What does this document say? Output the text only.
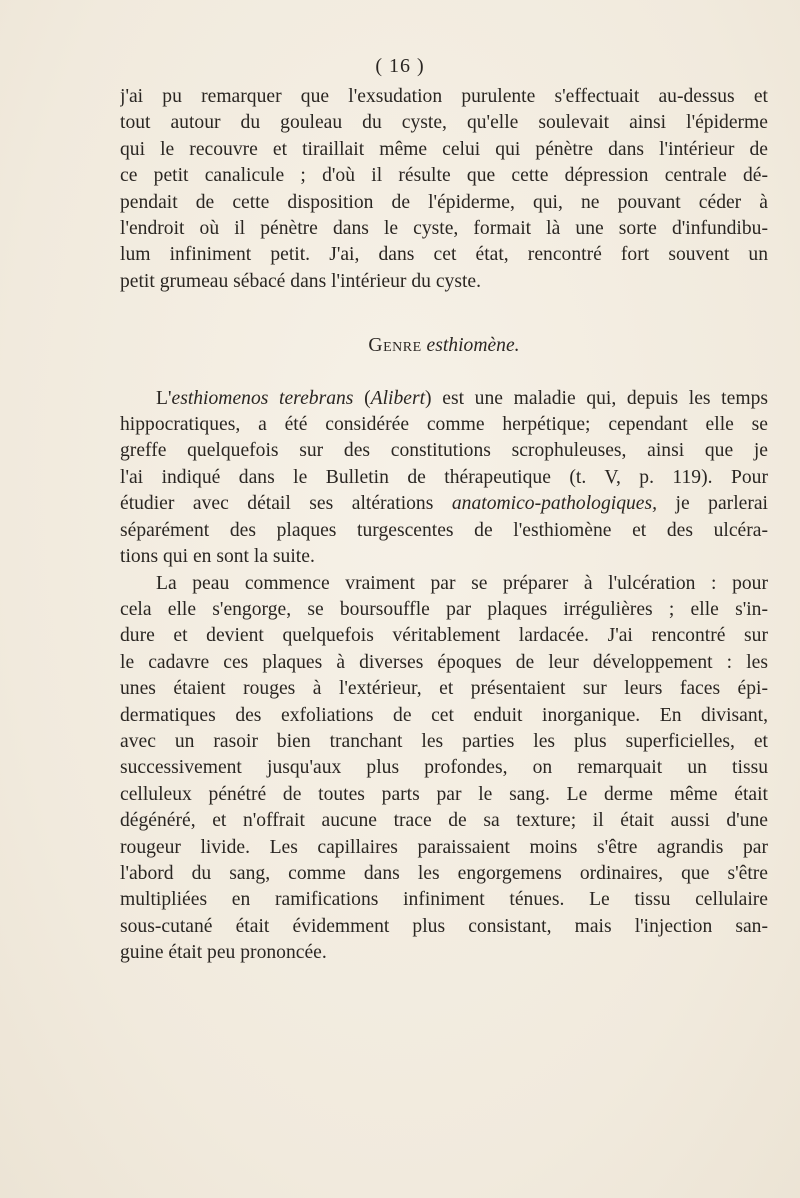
( 16 )
j'ai pu remarquer que l'exsudation purulente s'effectuait au-dessus et
tout autour du gouleau du cyste, qu'elle soulevait ainsi l'épiderme
qui le recouvre et tiraillait même celui qui pénètre dans l'intérieur de
ce petit canalicule ; d'où il résulte que cette dépression centrale dé-
pendait de cette disposition de l'épiderme, qui, ne pouvant céder à
l'endroit où il pénètre dans le cyste, formait là une sorte d'infundibu-
lum infiniment petit. J'ai, dans cet état, rencontré fort souvent un
petit grumeau sébacé dans l'intérieur du cyste.
Genre esthiomène.
L'esthiomenos terebrans (Alibert) est une maladie qui, depuis les temps
hippocratiques, a été considérée comme herpétique; cependant elle se
greffe quelquefois sur des constitutions scrophuleuses, ainsi que je
l'ai indiqué dans le Bulletin de thérapeutique (t. V, p. 119). Pour
étudier avec détail ses altérations anatomico-pathologiques, je parlerai
séparément des plaques turgescentes de l'esthiomène et des ulcéra-
tions qui en sont la suite.
La peau commence vraiment par se préparer à l'ulcération : pour
cela elle s'engorge, se boursouffle par plaques irrégulières ; elle s'in-
dure et devient quelquefois véritablement lardacée. J'ai rencontré sur
le cadavre ces plaques à diverses époques de leur développement : les
unes étaient rouges à l'extérieur, et présentaient sur leurs faces épi-
dermatiques des exfoliations de cet enduit inorganique. En divisant,
avec un rasoir bien tranchant les parties les plus superficielles, et
successivement jusqu'aux plus profondes, on remarquait un tissu
celluleux pénétré de toutes parts par le sang. Le derme même était
dégénéré, et n'offrait aucune trace de sa texture; il était aussi d'une
rougeur livide. Les capillaires paraissaient moins s'être agrandis par
l'abord du sang, comme dans les engorgemens ordinaires, que s'être
multipliées en ramifications infiniment ténues. Le tissu cellulaire
sous-cutané était évidemment plus consistant, mais l'injection san-
guine était peu prononcée.
